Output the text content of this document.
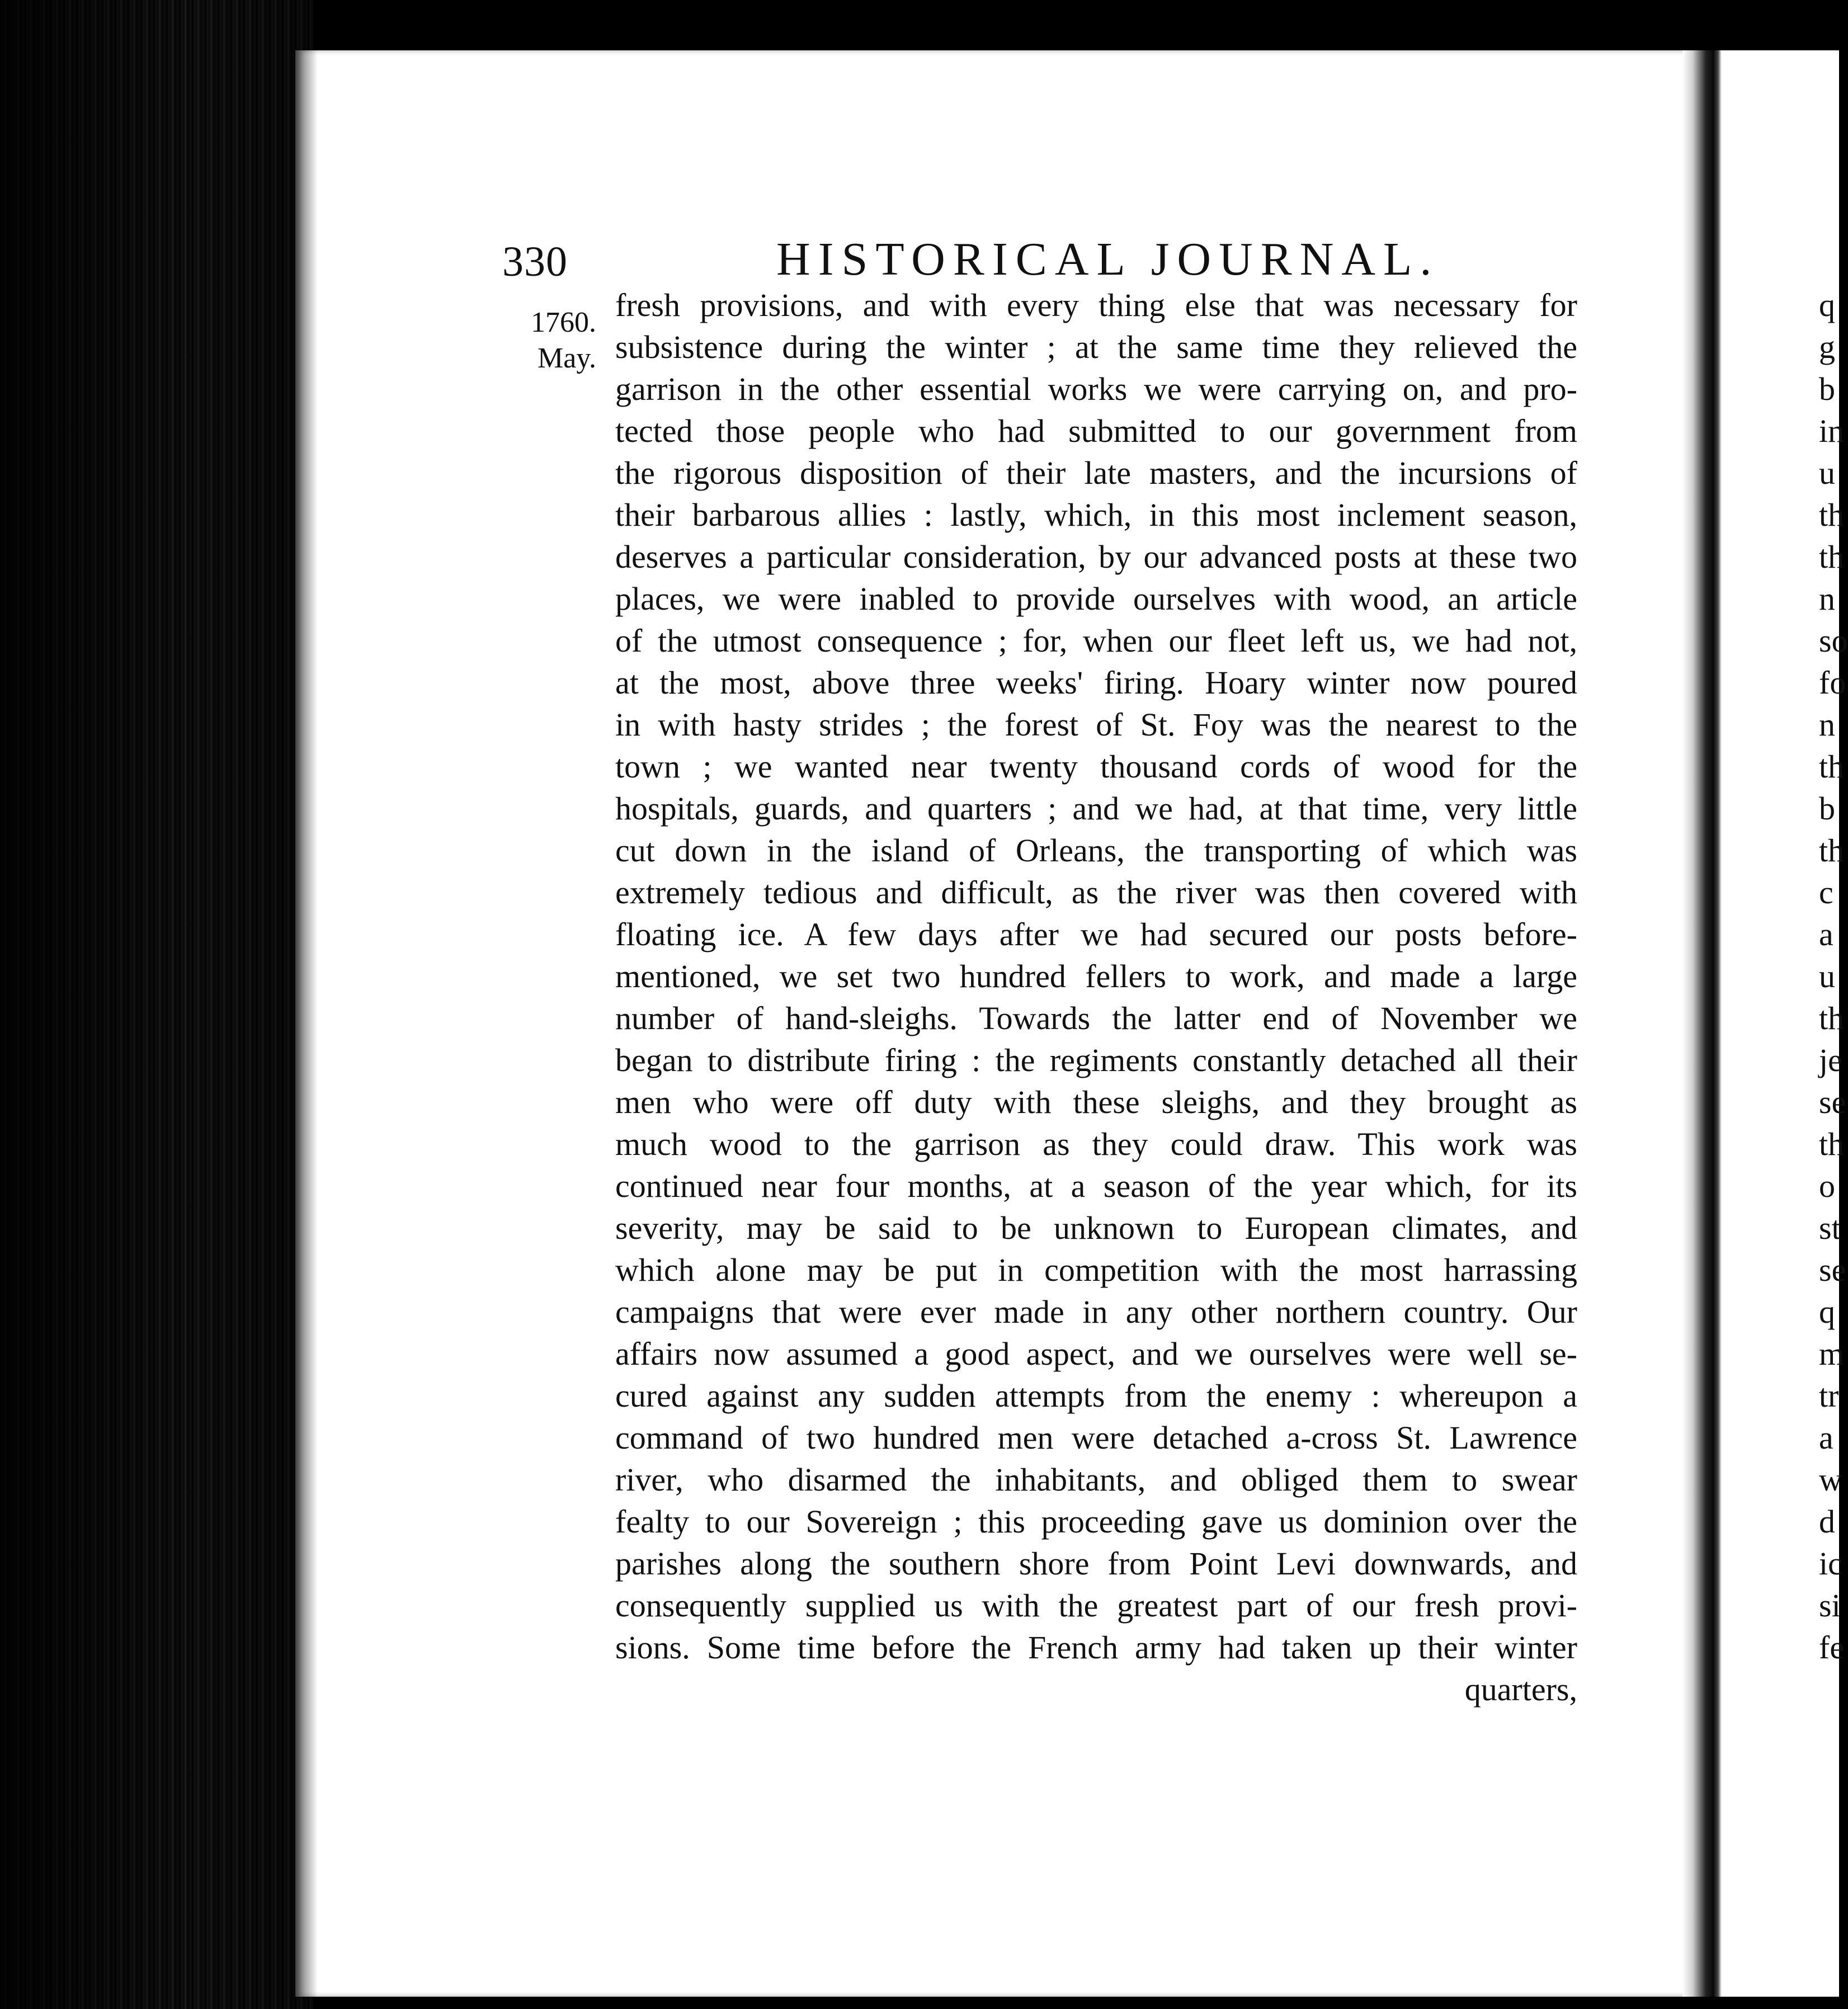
330	HISTORICAL JOURNAL.
1760.
May.
fresh provisions, and with every thing else that was necessary for
subsistence during the winter ; at the same time they relieved the
garrison in the other essential works we were carrying on, and pro-
tected those people who had submitted to our government from
the rigorous disposition of their late masters, and the incursions of
their barbarous allies : lastly, which, in this most inclement season,
deserves a particular consideration, by our advanced posts at these two
places, we were inabled to provide ourselves with wood, an article
of the utmost consequence ; for, when our fleet left us, we had not,
at the most, above three weeks' firing. Hoary winter now poured
in with hasty strides ; the forest of St. Foy was the nearest to the
town ; we wanted near twenty thousand cords of wood for the
hospitals, guards, and quarters ; and we had, at that time, very little
cut down in the island of Orleans, the transporting of which was
extremely tedious and difficult, as the river was then covered with
floating ice. A few days after we had secured our posts before-
mentioned, we set two hundred fellers to work, and made a large
number of hand-sleighs. Towards the latter end of November we
began to distribute firing : the regiments constantly detached all their
men who were off duty with these sleighs, and they brought as
much wood to the garrison as they could draw. This work was
continued near four months, at a season of the year which, for its
severity, may be said to be unknown to European climates, and
which alone may be put in competition with the most harrassing
campaigns that were ever made in any other northern country. Our
affairs now assumed a good aspect, and we ourselves were well se-
cured against any sudden attempts from the enemy : whereupon a
command of two hundred men were detached a-cross St. Lawrence
river, who disarmed the inhabitants, and obliged them to swear
fealty to our Sovereign ; this proceeding gave us dominion over the
parishes along the southern shore from Point Levi downwards, and
consequently supplied us with the greatest part of our fresh provi-
sions. Some time before the French army had taken up their winter
quarters,
q
g
b
in
u
th
th
n
so
fo
n
th
b
th
c
a
u
th
je
se
th
o
st
se
q
m
tr
a
w
d
ic
si
fe
